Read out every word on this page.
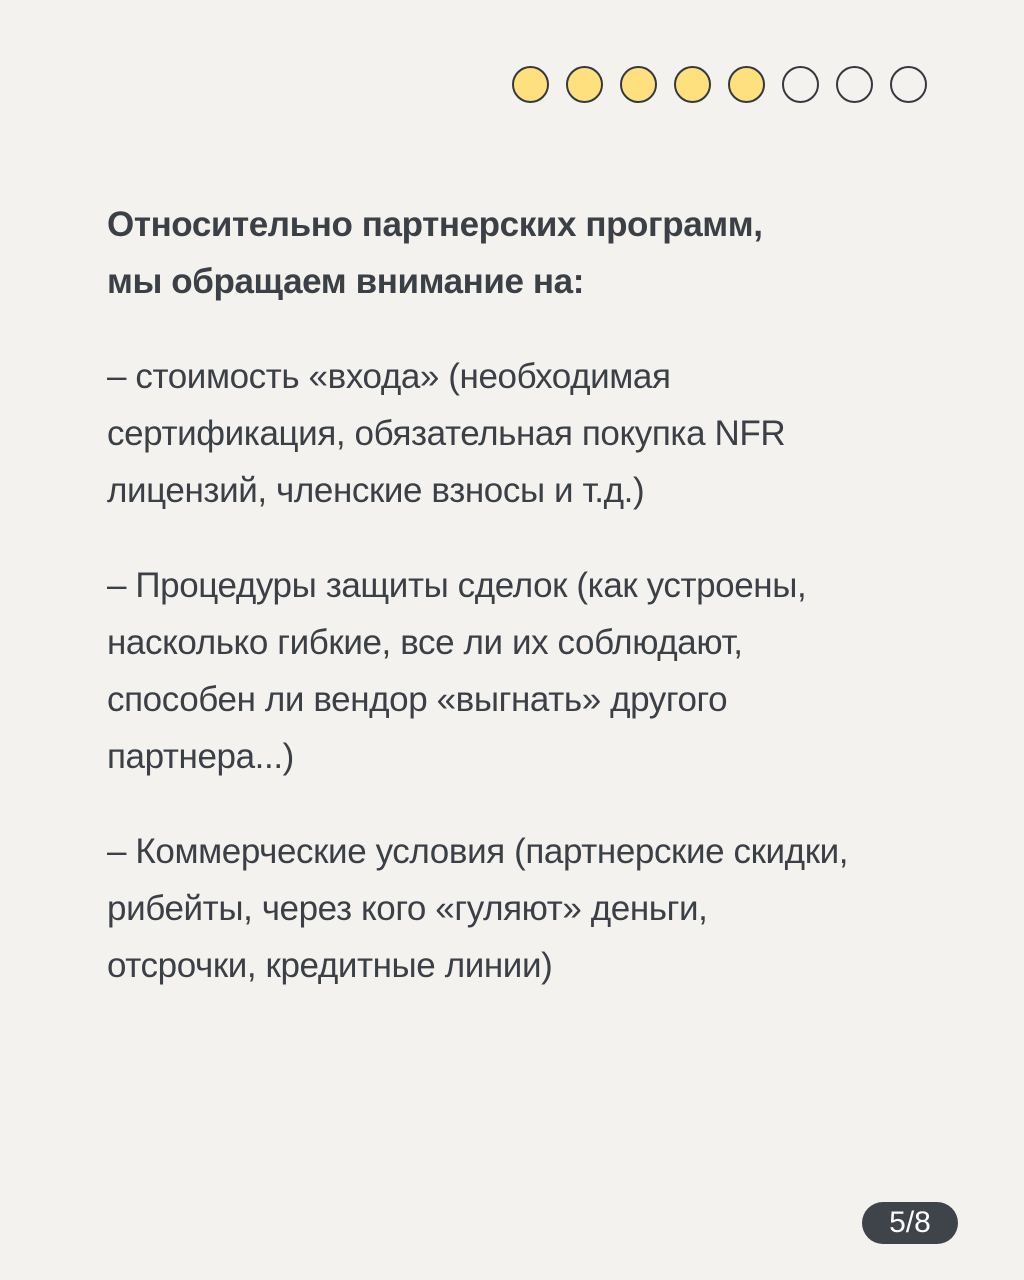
Относительно партнерских программ,
мы обращаем внимание на:

– стоимость «входа» (необходимая
сертификация, обязательная покупка NFR
лицензий, членские взносы и т.д.)

– Процедуры защиты сделок (как устроены,
насколько гибкие, все ли их соблюдают,
способен ли вендор «выгнать» другого
партнера...)

– Коммерческие условия (партнерские скидки,
рибейты, через кого «гуляют» деньги,
отсрочки, кредитные линии)

5/8
